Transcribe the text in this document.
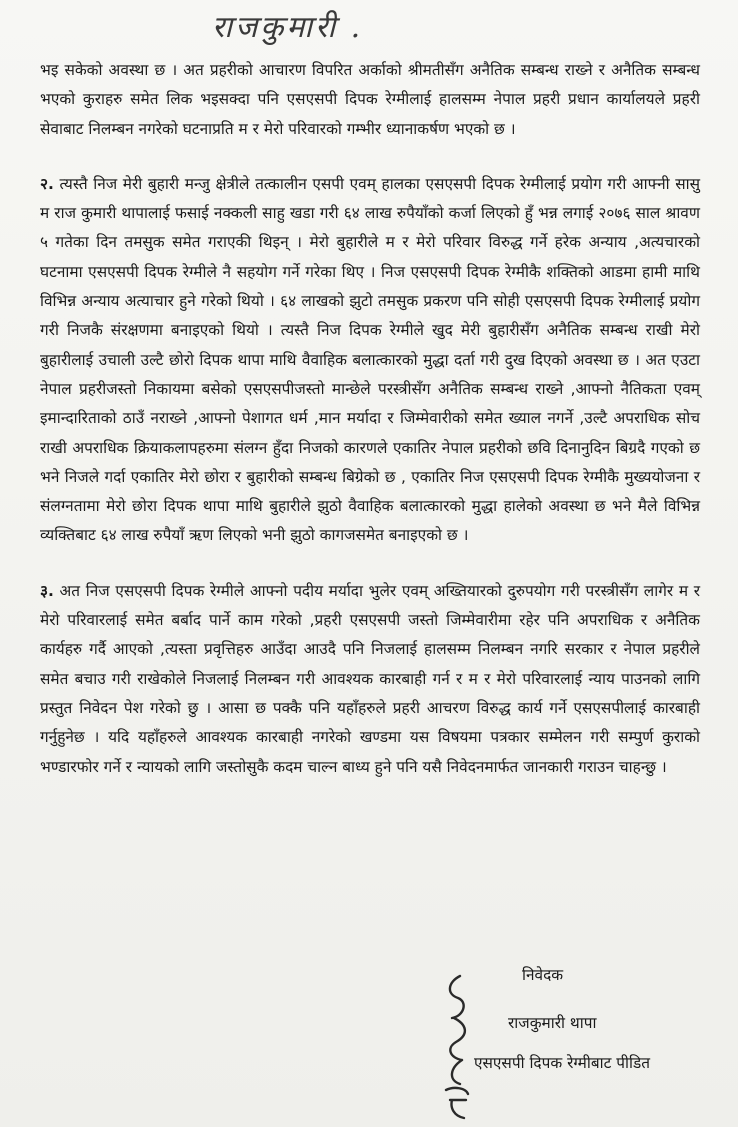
राजकुमारी .

भइ सकेको अवस्था छ । अत प्रहरीको आचारण विपरित अर्काको श्रीमतीसँग अनैतिक सम्बन्ध राख्ने र अनैतिक सम्बन्ध भएको कुराहरु समेत लिक भइसक्दा पनि एसएसपी दिपक रेग्मीलाई हालसम्म नेपाल प्रहरी प्रधान कार्यालयले प्रहरी सेवाबाट निलम्बन नगरेको घटनाप्रति म र मेरो परिवारको गम्भीर ध्यानाकर्षण भएको छ ।

२. त्यस्तै निज मेरी बुहारी मन्जु क्षेत्रीले तत्कालीन एसपी एवम् हालका एसएसपी दिपक रेग्मीलाई प्रयोग गरी आफ्नी सासु म राज कुमारी थापालाई फसाई नक्कली साहु खडा गरी ६४ लाख रुपैयाँको कर्जा लिएको हुँ भन्न लगाई २०७६ साल श्रावण ५ गतेका दिन तमसुक समेत गराएकी थिइन् । मेरो बुहारीले म र मेरो परिवार विरुद्ध गर्ने हरेक अन्याय ,अत्यचारको घटनामा एसएसपी दिपक रेग्मीले नै सहयोग गर्ने गरेका थिए । निज एसएसपी दिपक रेग्मीकै शक्तिको आडमा हामी माथि विभिन्न अन्याय अत्याचार हुने गरेको थियो । ६४ लाखको झुटो तमसुक प्रकरण पनि सोही एसएसपी दिपक रेग्मीलाई प्रयोग गरी निजकै संरक्षणमा बनाइएको थियो । त्यस्तै निज दिपक रेग्मीले खुद मेरी बुहारीसँग अनैतिक सम्बन्ध राखी मेरो बुहारीलाई उचाली उल्टै छोरो दिपक थापा माथि वैवाहिक बलात्कारको मुद्धा दर्ता गरी दुख दिएको अवस्था छ । अत एउटा नेपाल प्रहरीजस्तो निकायमा बसेको एसएसपीजस्तो मान्छेले परस्त्रीसँग अनैतिक सम्बन्ध राख्ने ,आफ्नो नैतिकता एवम् इमान्दारिताको ठाउँ नराख्ने ,आफ्नो पेशागत धर्म ,मान मर्यादा र जिम्मेवारीको समेत ख्याल नगर्ने ,उल्टै अपराधिक सोच राखी अपराधिक क्रियाकलापहरुमा संलग्न हुँदा निजको कारणले एकातिर नेपाल प्रहरीको छवि दिनानुदिन बिग्रदै गएको छ भने निजले गर्दा एकातिर मेरो छोरा र बुहारीको सम्बन्ध बिग्रेको छ , एकातिर निज एसएसपी दिपक रेग्मीकै मुख्ययोजना र संलग्नतामा मेरो छोरा दिपक थापा माथि बुहारीले झुठो वैवाहिक बलात्कारको मुद्धा हालेको अवस्था छ भने मैले विभिन्न व्यक्तिबाट ६४ लाख रुपैयाँ ऋण लिएको भनी झुठो कागजसमेत बनाइएको छ ।

३. अत निज एसएसपी दिपक रेग्मीले आफ्नो पदीय मर्यादा भुलेर एवम् अख्तियारको दुरुपयोग गरी परस्त्रीसँग लागेर म र मेरो परिवारलाई समेत बर्बाद पार्ने काम गरेको ,प्रहरी एसएसपी जस्तो जिम्मेवारीमा रहेर पनि अपराधिक र अनैतिक कार्यहरु गर्दै आएको ,त्यस्ता प्रवृत्तिहरु आउँदा आउदै पनि निजलाई हालसम्म निलम्बन नगरि सरकार र नेपाल प्रहरीले समेत बचाउ गरी राखेकोले निजलाई निलम्बन गरी आवश्यक कारबाही गर्न र म र मेरो परिवारलाई न्याय पाउनको लागि प्रस्तुत निवेदन पेश गरेको छु । आसा छ पक्कै पनि यहाँहरुले प्रहरी आचरण विरुद्ध कार्य गर्ने एसएसपीलाई कारबाही गर्नुहुनेछ । यदि यहाँहरुले आवश्यक कारबाही नगरेको खण्डमा यस विषयमा पत्रकार सम्मेलन गरी सम्पुर्ण कुराको भण्डारफोर गर्ने र न्यायको लागि जस्तोसुकै कदम चाल्न बाध्य हुने पनि यसै निवेदनमार्फत जानकारी गराउन चाहन्छु ।

निवेदक
राजकुमारी थापा
एसएसपी दिपक रेग्मीबाट पीडित
